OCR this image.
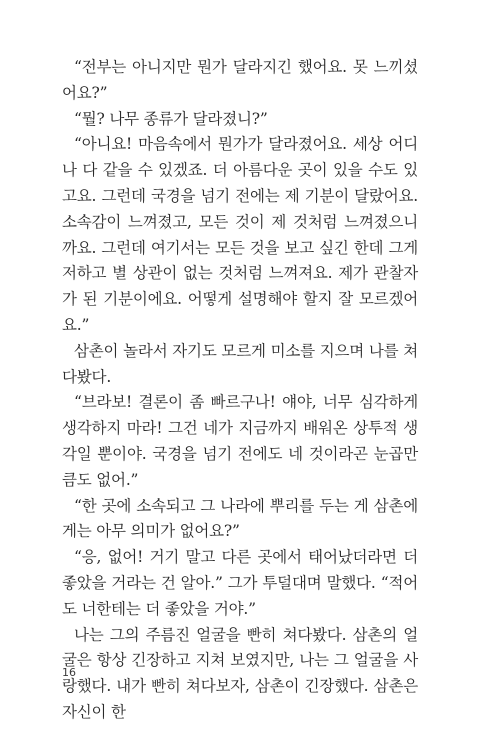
“전부는 아니지만 뭔가 달라지긴 했어요. 못 느끼셨어요?”

“뭘? 나무 종류가 달라졌니?”

“아니요! 마음속에서 뭔가가 달라졌어요. 세상 어디나 다 같을 수 있겠죠. 더 아름다운 곳이 있을 수도 있고요. 그런데 국경을 넘기 전에는 제 기분이 달랐어요. 소속감이 느껴졌고, 모든 것이 제 것처럼 느껴졌으니까요. 그런데 여기서는 모든 것을 보고 싶긴 한데 그게 저하고 별 상관이 없는 것처럼 느껴져요. 제가 관찰자가 된 기분이에요. 어떻게 설명해야 할지 잘 모르겠어요.”

삼촌이 놀라서 자기도 모르게 미소를 지으며 나를 쳐다봤다.

“브라보! 결론이 좀 빠르구나! 얘야, 너무 심각하게 생각하지 마라! 그건 네가 지금까지 배워온 상투적 생각일 뿐이야. 국경을 넘기 전에도 네 것이라곤 눈곱만큼도 없어.”

“한 곳에 소속되고 그 나라에 뿌리를 두는 게 삼촌에게는 아무 의미가 없어요?”

“응, 없어! 거기 말고 다른 곳에서 태어났더라면 더 좋았을 거라는 건 알아.” 그가 투덜대며 말했다. “적어도 너한테는 더 좋았을 거야.”

나는 그의 주름진 얼굴을 빤히 쳐다봤다. 삼촌의 얼굴은 항상 긴장하고 지쳐 보였지만, 나는 그 얼굴을 사랑했다. 내가 빤히 쳐다보자, 삼촌이 긴장했다. 삼촌은 자신이 한

16
